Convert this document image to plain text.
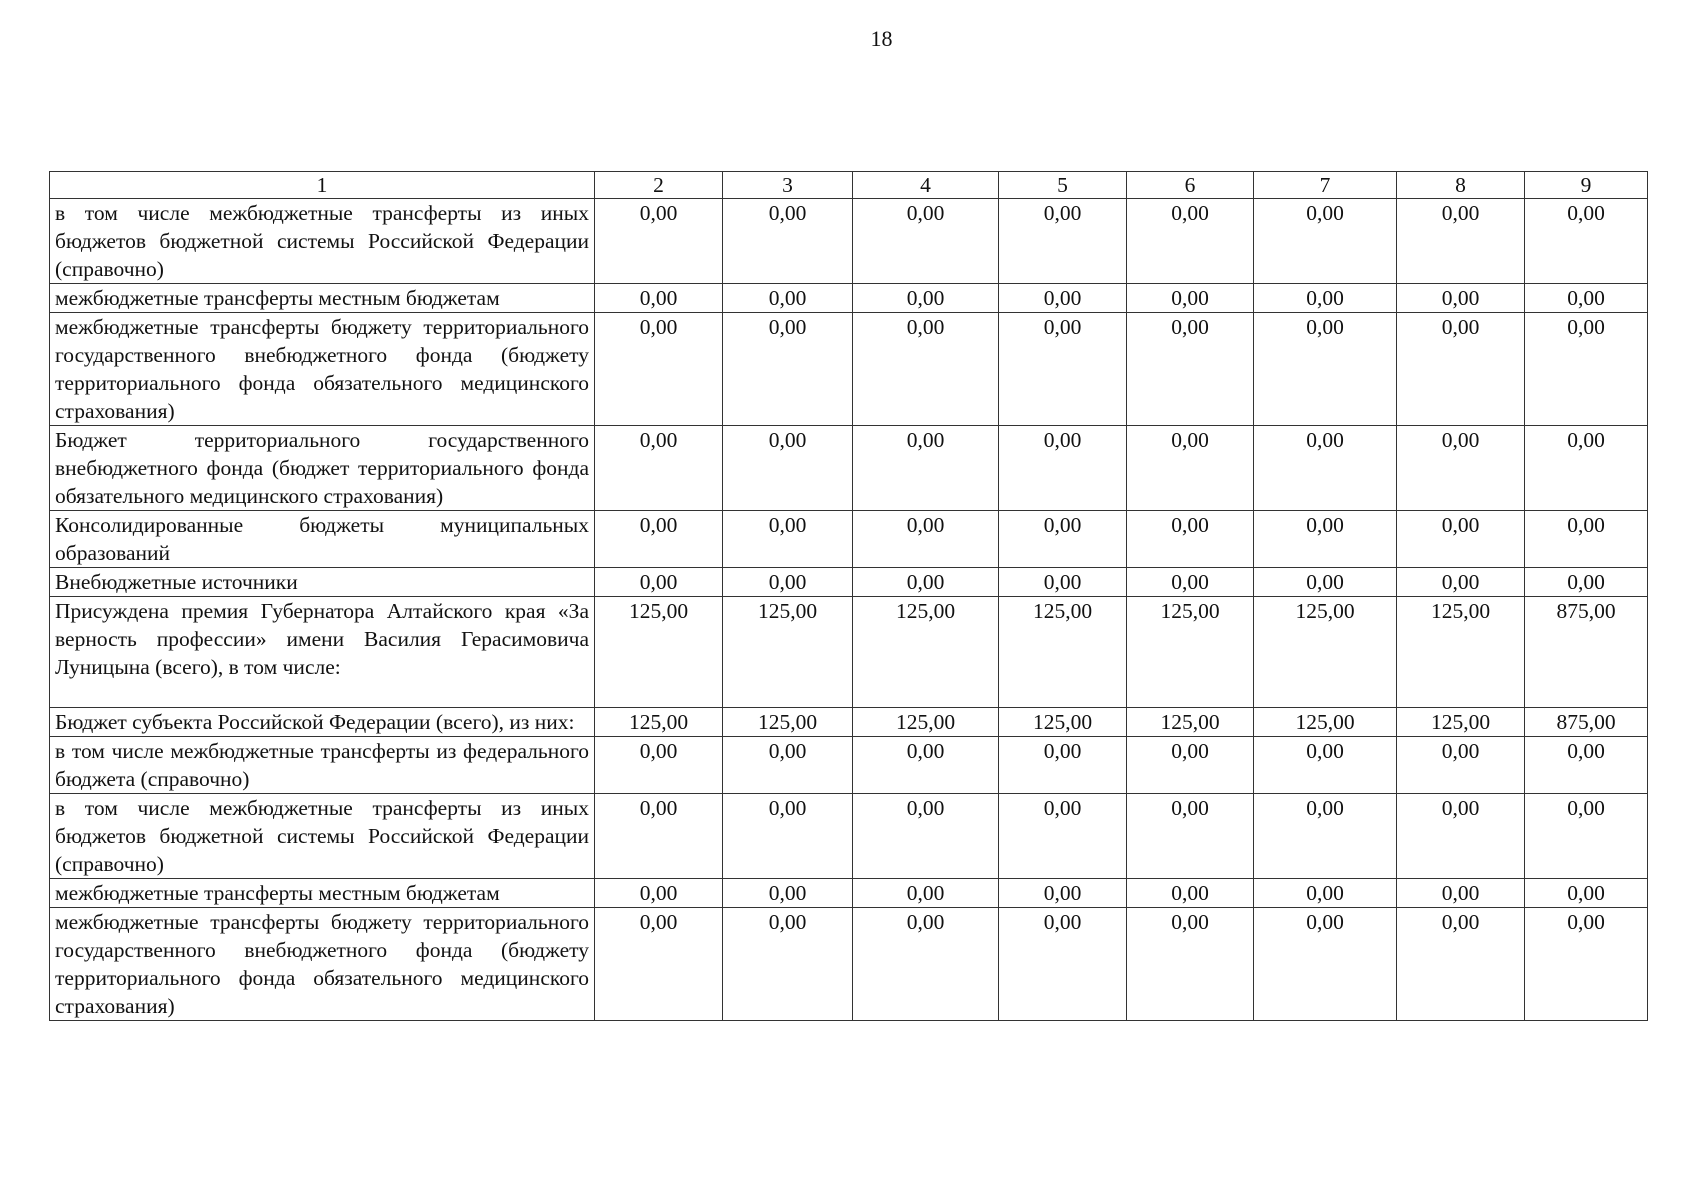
18
1	2	3	4	5	6	7	8	9
в том числе межбюджетные трансферты из иных бюджетов бюджетной системы Российской Федерации (справочно)	0,00	0,00	0,00	0,00	0,00	0,00	0,00	0,00
межбюджетные трансферты местным бюджетам	0,00	0,00	0,00	0,00	0,00	0,00	0,00	0,00
межбюджетные трансферты бюджету территориального государственного внебюджетного фонда (бюджету территориального фонда обязательного медицинского страхования)	0,00	0,00	0,00	0,00	0,00	0,00	0,00	0,00
Бюджет территориального государственного внебюджетного фонда (бюджет территориального фонда обязательного медицинского страхования)	0,00	0,00	0,00	0,00	0,00	0,00	0,00	0,00
Консолидированные бюджеты муниципальных образований	0,00	0,00	0,00	0,00	0,00	0,00	0,00	0,00
Внебюджетные источники	0,00	0,00	0,00	0,00	0,00	0,00	0,00	0,00
Присуждена премия Губернатора Алтайского края «За верность профессии» имени Василия Герасимовича Луницына (всего), в том числе:	125,00	125,00	125,00	125,00	125,00	125,00	125,00	875,00
Бюджет субъекта Российской Федерации (всего), из них:	125,00	125,00	125,00	125,00	125,00	125,00	125,00	875,00
в том числе межбюджетные трансферты из федерального бюджета (справочно)	0,00	0,00	0,00	0,00	0,00	0,00	0,00	0,00
в том числе межбюджетные трансферты из иных бюджетов бюджетной системы Российской Федерации (справочно)	0,00	0,00	0,00	0,00	0,00	0,00	0,00	0,00
межбюджетные трансферты местным бюджетам	0,00	0,00	0,00	0,00	0,00	0,00	0,00	0,00
межбюджетные трансферты бюджету территориального государственного внебюджетного фонда (бюджету территориального фонда обязательного медицинского страхования)	0,00	0,00	0,00	0,00	0,00	0,00	0,00	0,00
